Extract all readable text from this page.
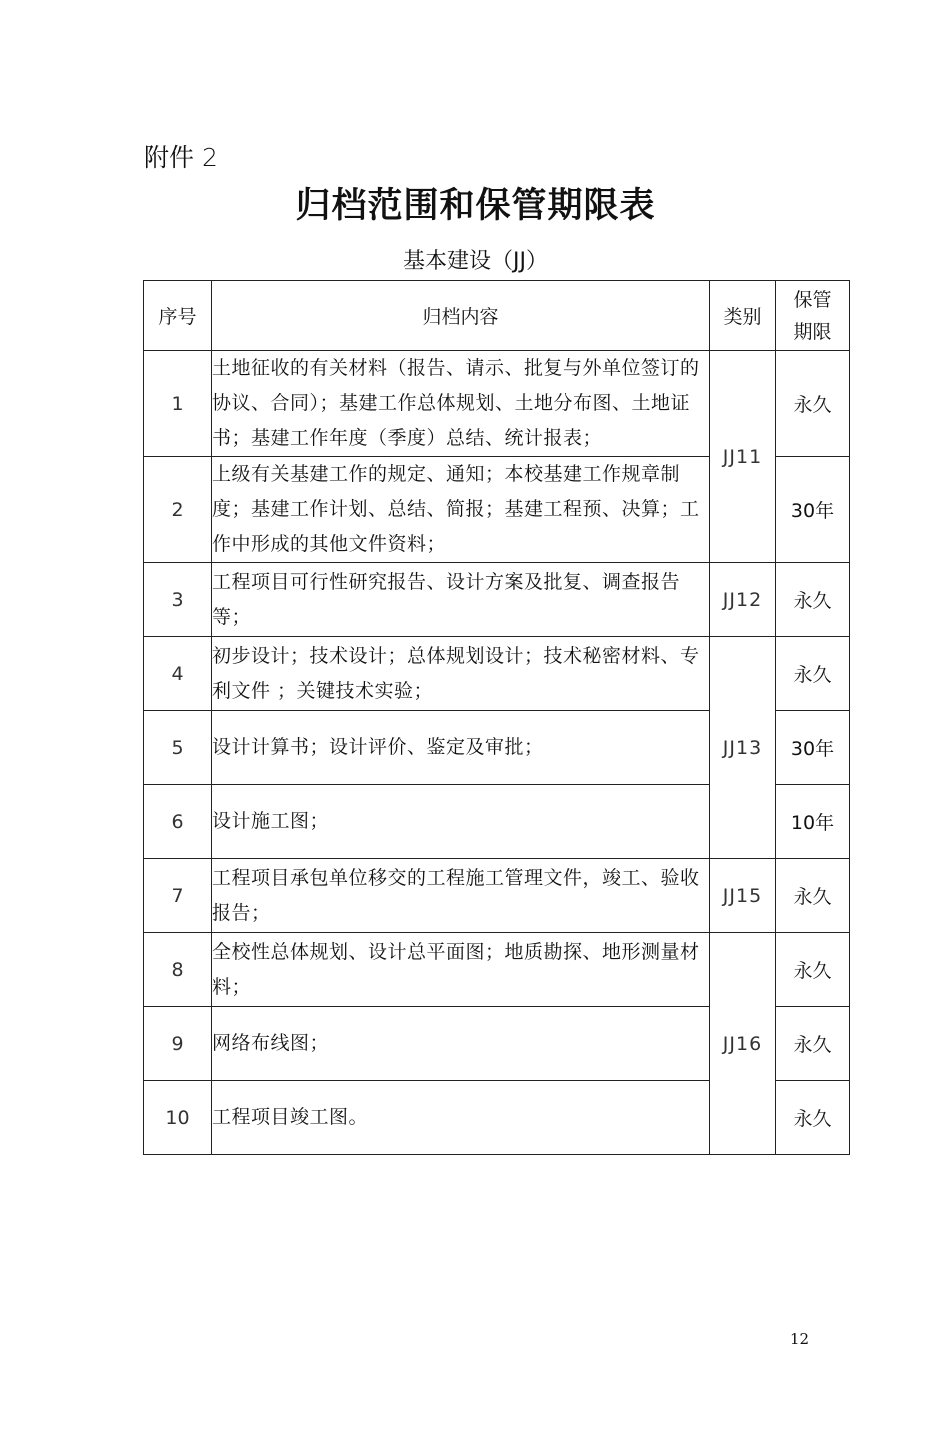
附件 2
归档范围和保管期限表
基本建设（JJ）
序号	归档内容	类别	保管
期限
1	土地征收的有关材料（报告、请示、批复与外单位签订的协议、合同）；基建工作总体规划、土地分布图、土地证书；基建工作年度（季度）总结、统计报表；	JJ11	永久
2	上级有关基建工作的规定、通知；本校基建工作规章制度；基建工作计划、总结、简报；基建工程预、决算；工作中形成的其他文件资料；		30年
3	工程项目可行性研究报告、设计方案及批复、调查报告等；	JJ12	永久
4	初步设计；技术设计；总体规划设计；技术秘密材料、专利文件 ；关键技术实验；	JJ13	永久
5	设计计算书；设计评价、鉴定及审批；		30年
6	设计施工图；		10年
7	工程项目承包单位移交的工程施工管理文件，竣工、验收报告；	JJ15	永久
8	全校性总体规划、设计总平面图；地质勘探、地形测量材料；	JJ16	永久
9	网络布线图；		永久
10	工程项目竣工图。		永久
12
